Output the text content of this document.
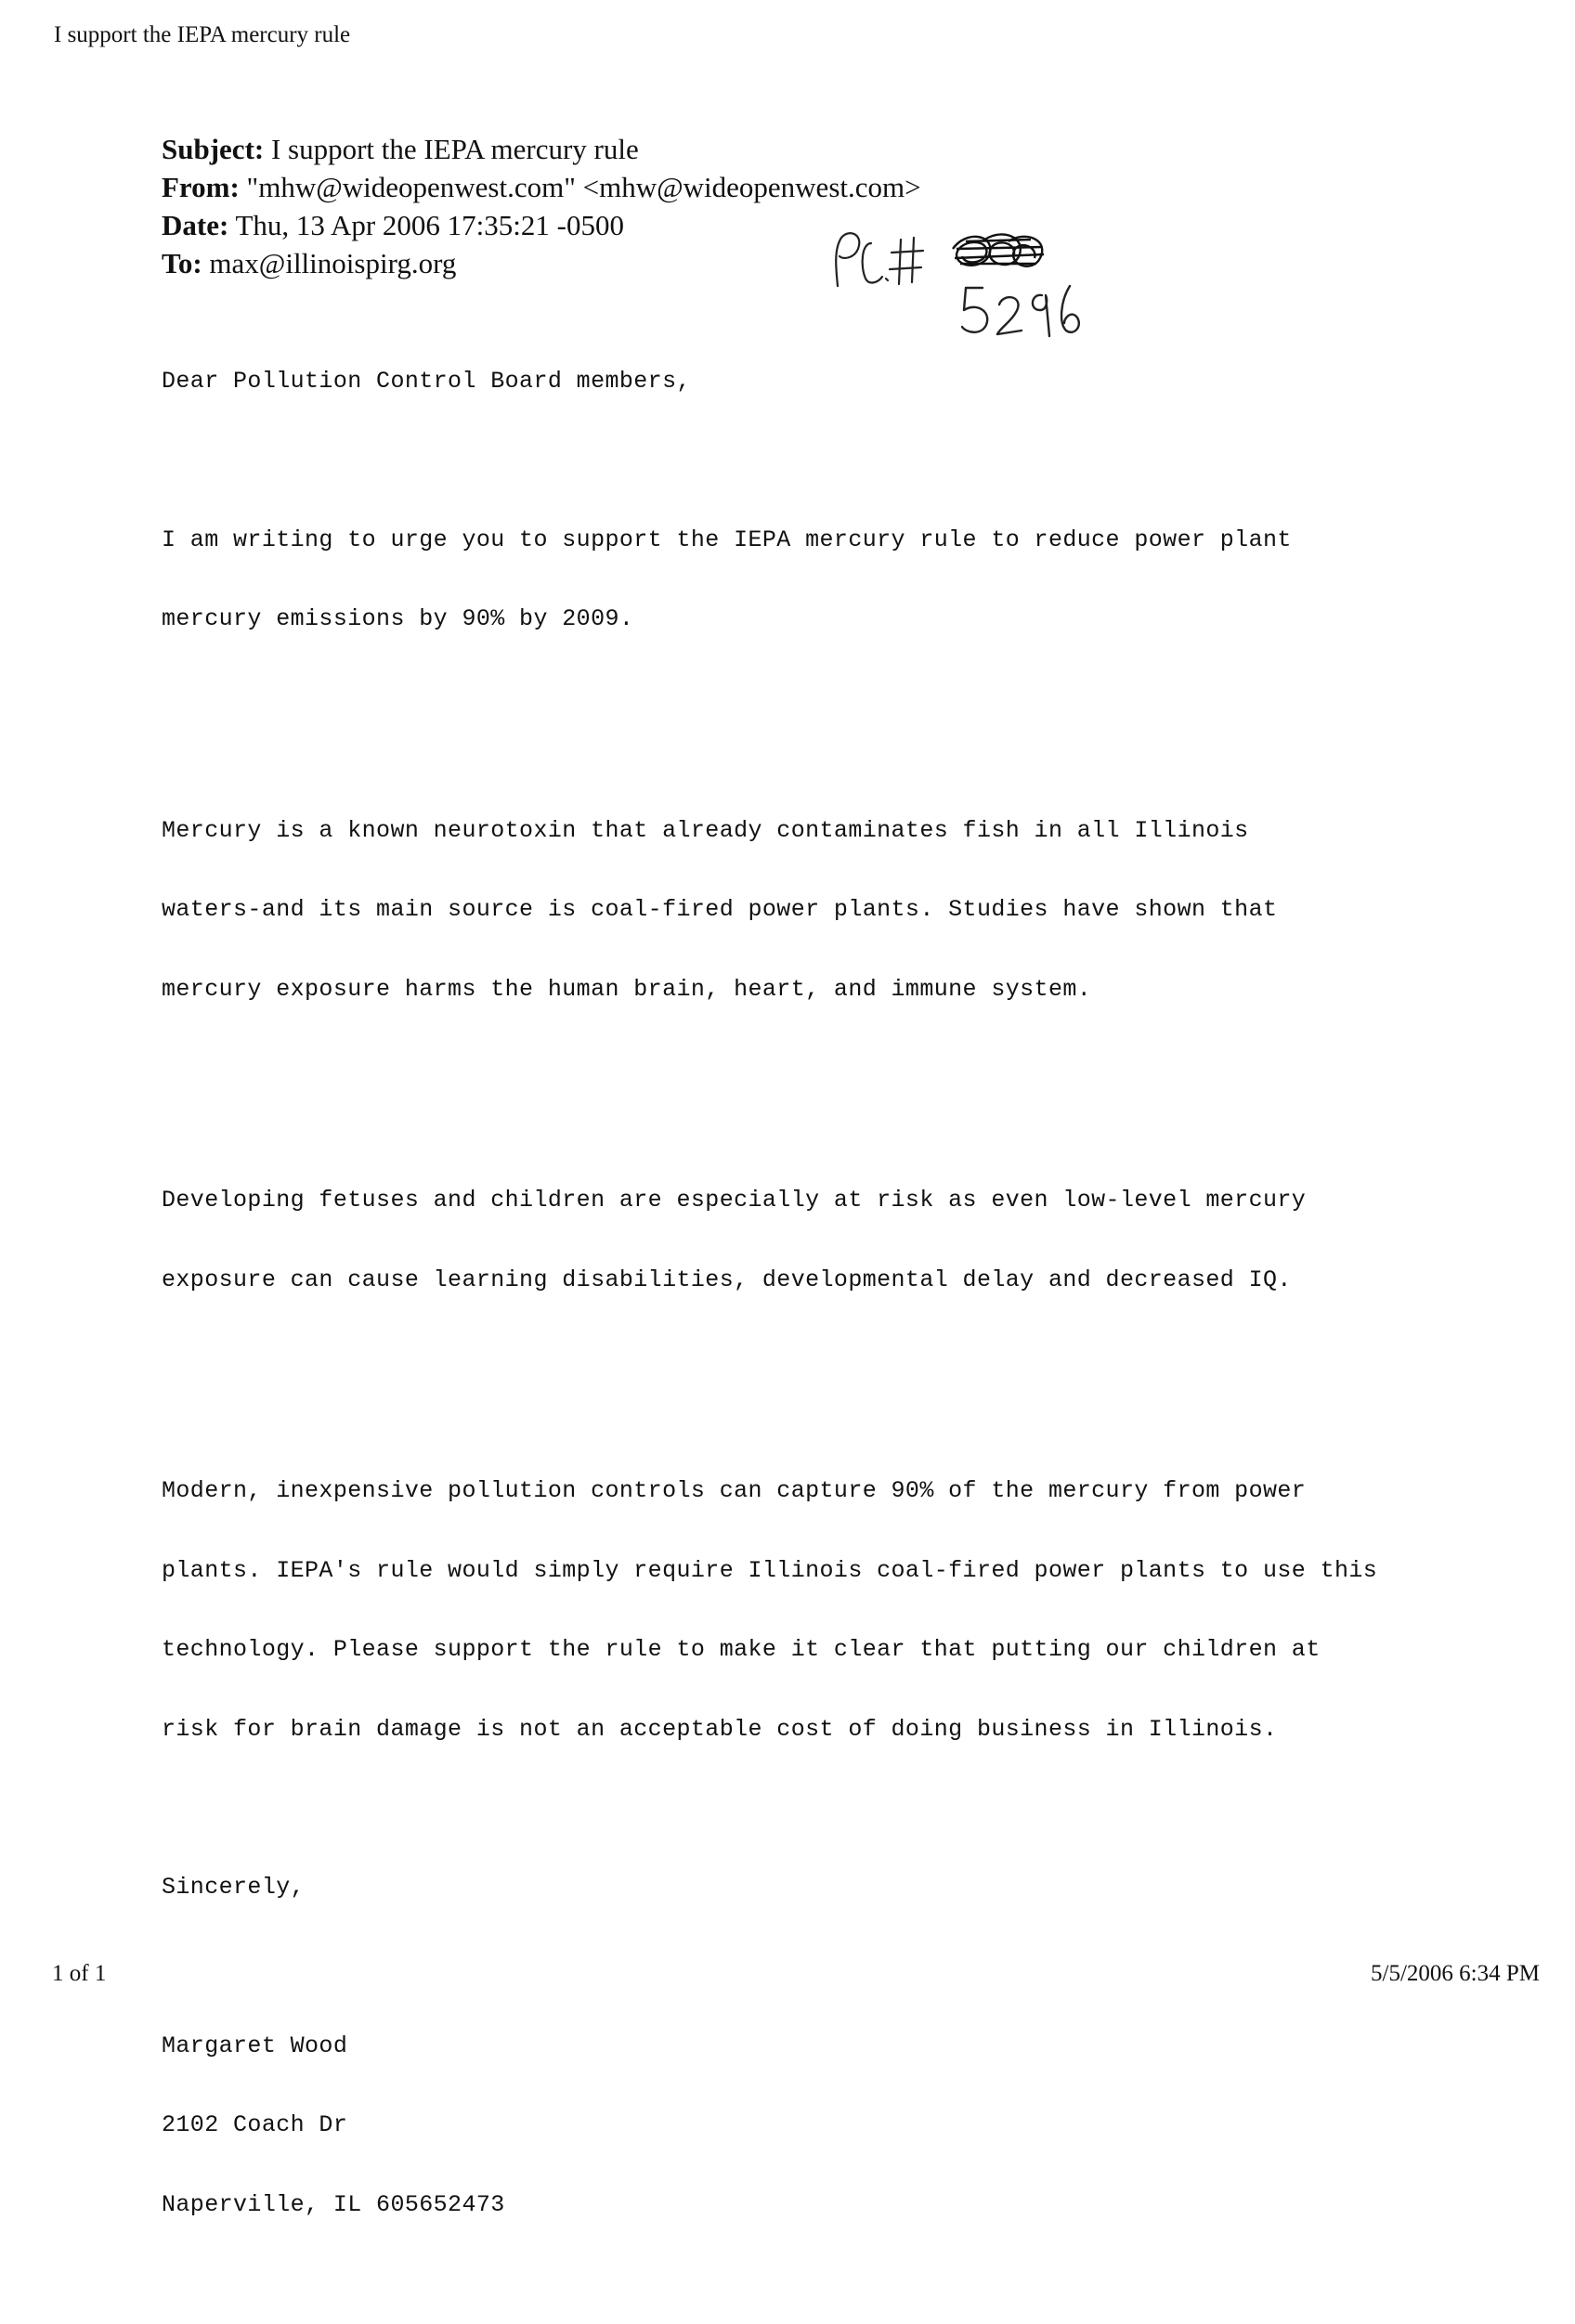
I support the IEPA mercury rule
Subject: I support the IEPA mercury rule
From: "mhw@wideopenwest.com" <mhw@wideopenwest.com>
Date: Thu, 13 Apr 2006 17:35:21 -0500
To: max@illinoispirg.org

Dear Pollution Control Board members,

I am writing to urge you to support the IEPA mercury rule to reduce power plant

mercury emissions by 90% by 2009.

Mercury is a known neurotoxin that already contaminates fish in all Illinois

waters-and its main source is coal-fired power plants. Studies have shown that

mercury exposure harms the human brain, heart, and immune system.

Developing fetuses and children are especially at risk as even low-level mercury

exposure can cause learning disabilities, developmental delay and decreased IQ.

Modern, inexpensive pollution controls can capture 90% of the mercury from power

plants. IEPA's rule would simply require Illinois coal-fired power plants to use this

technology. Please support the rule to make it clear that putting our children at

risk for brain damage is not an acceptable cost of doing business in Illinois.

Sincerely,

Margaret Wood

2102 Coach Dr

Naperville, IL 605652473

1 of 1	5/5/2006 6:34 PM
